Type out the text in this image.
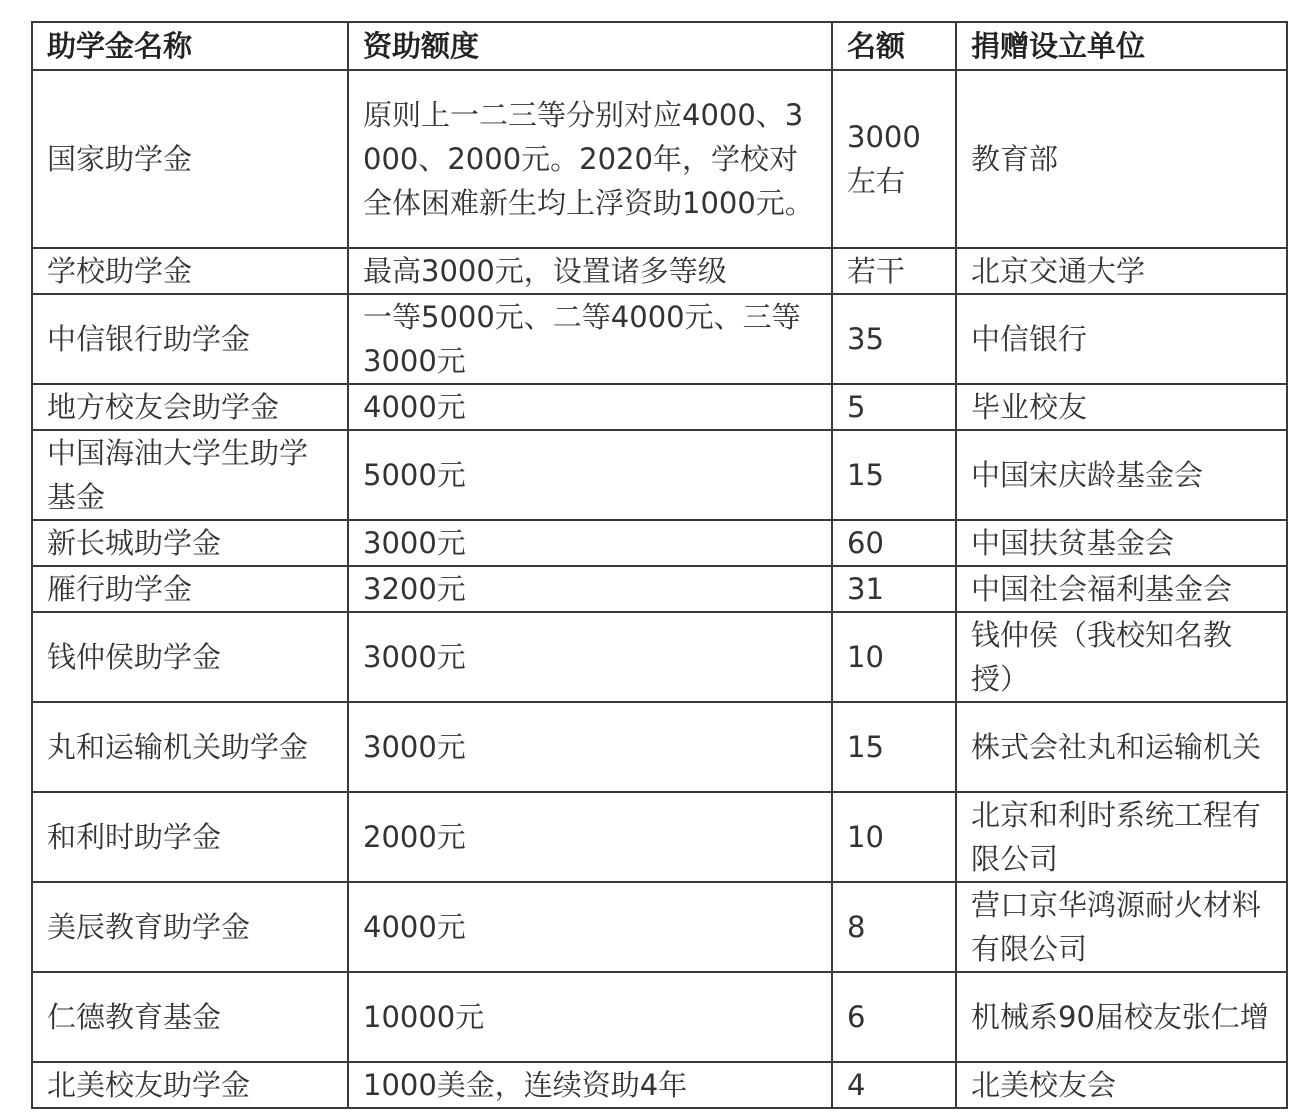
助学金名称	资助额度	名额	捐赠设立单位
国家助学金	原则上一二三等分别对应4000、3000、2000元。2020年，学校对全体困难新生均上浮资助1000元。	3000左右	教育部
学校助学金	最高3000元，设置诸多等级	若干	北京交通大学
中信银行助学金	一等5000元、二等4000元、三等3000元	35	中信银行
地方校友会助学金	4000元	5	毕业校友
中国海油大学生助学基金	5000元	15	中国宋庆龄基金会
新长城助学金	3000元	60	中国扶贫基金会
雁行助学金	3200元	31	中国社会福利基金会
钱仲侯助学金	3000元	10	钱仲侯（我校知名教授）
丸和运输机关助学金	3000元	15	株式会社丸和运输机关
和利时助学金	2000元	10	北京和利时系统工程有限公司
美辰教育助学金	4000元	8	营口京华鸿源耐火材料有限公司
仁德教育基金	10000元	6	机械系90届校友张仁增
北美校友助学金	1000美金，连续资助4年	4	北美校友会
